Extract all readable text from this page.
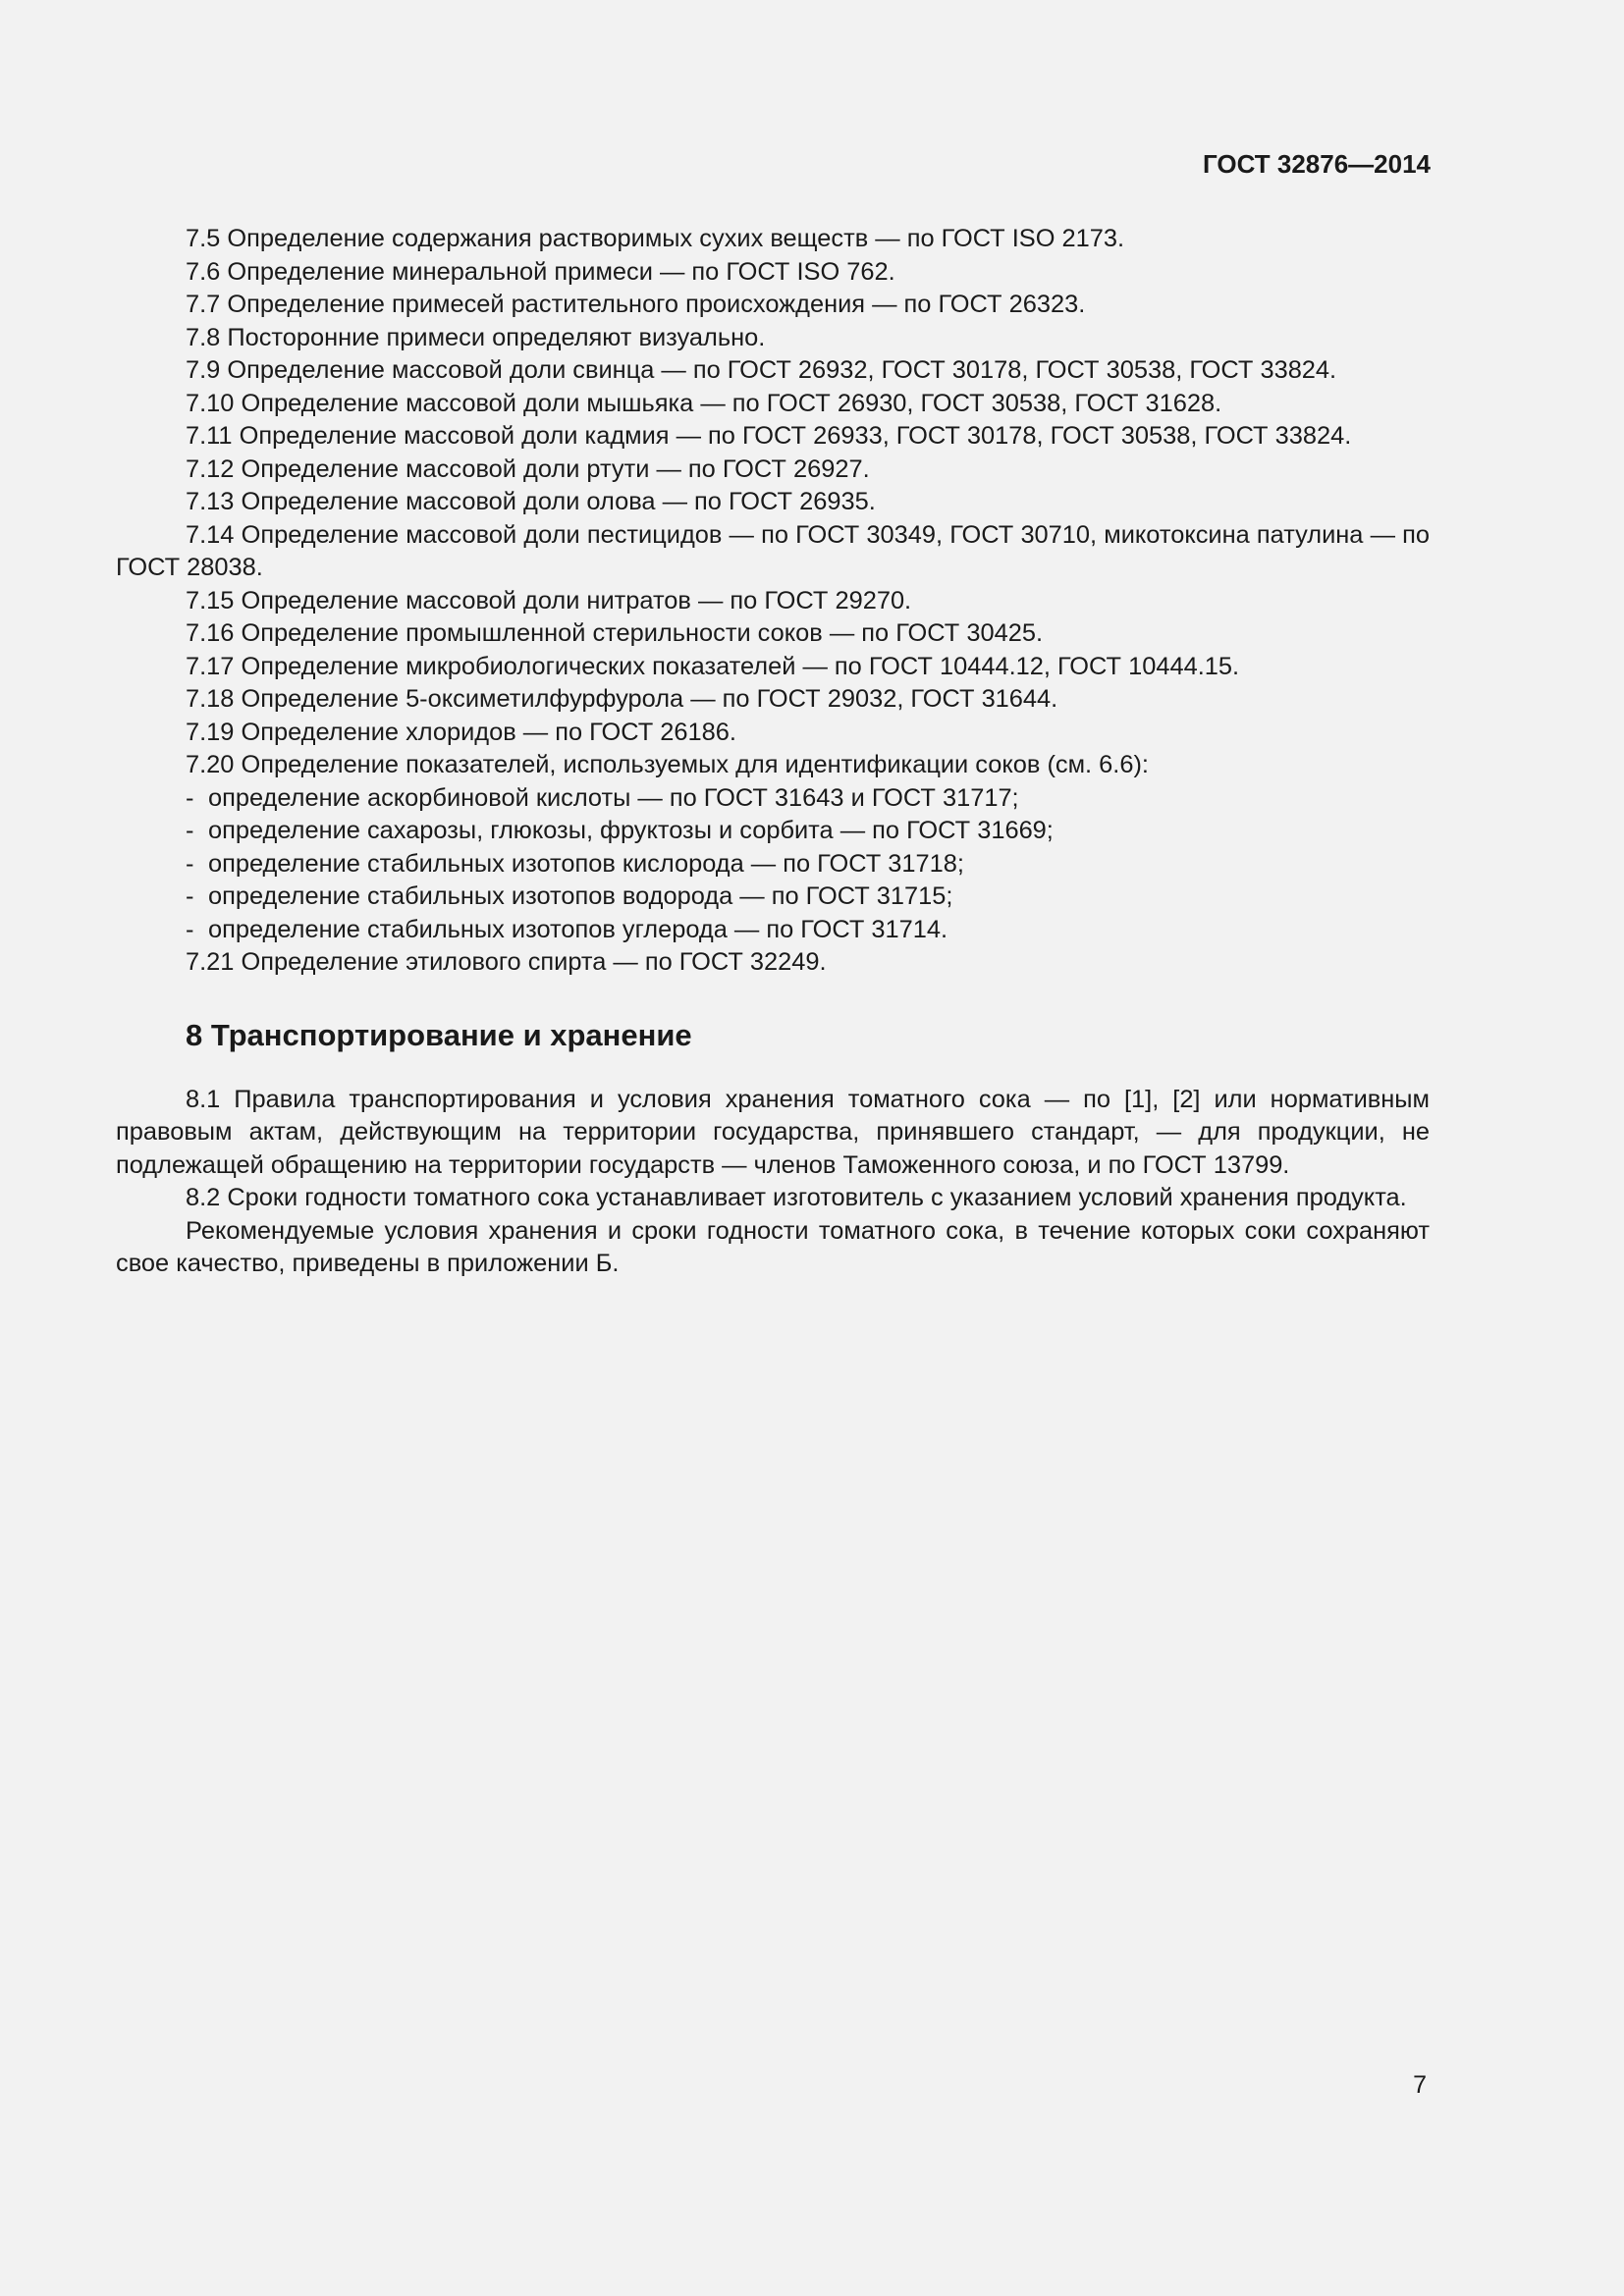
ГОСТ 32876—2014

7.5 Определение содержания растворимых сухих веществ — по ГОСТ ISO 2173.

7.6 Определение минеральной примеси — по ГОСТ ISO 762.

7.7 Определение примесей растительного происхождения — по ГОСТ 26323.

7.8 Посторонние примеси определяют визуально.

7.9 Определение массовой доли свинца — по ГОСТ 26932, ГОСТ 30178, ГОСТ 30538, ГОСТ 33824.

7.10 Определение массовой доли мышьяка — по ГОСТ 26930, ГОСТ 30538, ГОСТ 31628.

7.11 Определение массовой доли кадмия — по ГОСТ 26933, ГОСТ 30178, ГОСТ 30538, ГОСТ 33824.

7.12 Определение массовой доли ртути — по ГОСТ 26927.

7.13 Определение массовой доли олова — по ГОСТ 26935.

7.14 Определение массовой доли пестицидов — по ГОСТ 30349, ГОСТ 30710, микотоксина патулина — по ГОСТ 28038.

7.15 Определение массовой доли нитратов — по ГОСТ 29270.

7.16 Определение промышленной стерильности соков — по ГОСТ 30425.

7.17 Определение микробиологических показателей — по ГОСТ 10444.12, ГОСТ 10444.15.

7.18 Определение 5-оксиметилфурфурола — по ГОСТ 29032, ГОСТ 31644.

7.19 Определение хлоридов — по ГОСТ 26186.

7.20 Определение показателей, используемых для идентификации соков (см. 6.6):

- определение аскорбиновой кислоты — по ГОСТ 31643 и ГОСТ 31717;

- определение сахарозы, глюкозы, фруктозы и сорбита — по ГОСТ 31669;

- определение стабильных изотопов кислорода — по ГОСТ 31718;

- определение стабильных изотопов водорода — по ГОСТ 31715;

- определение стабильных изотопов углерода — по ГОСТ 31714.

7.21 Определение этилового спирта — по ГОСТ 32249.

8 Транспортирование и хранение

8.1 Правила транспортирования и условия хранения томатного сока — по [1], [2] или нормативным правовым актам, действующим на территории государства, принявшего стандарт, — для продукции, не подлежащей обращению на территории государств — членов Таможенного союза, и по ГОСТ 13799.

8.2 Сроки годности томатного сока устанавливает изготовитель с указанием условий хранения продукта.

Рекомендуемые условия хранения и сроки годности томатного сока, в течение которых соки сохраняют свое качество, приведены в приложении Б.

7
